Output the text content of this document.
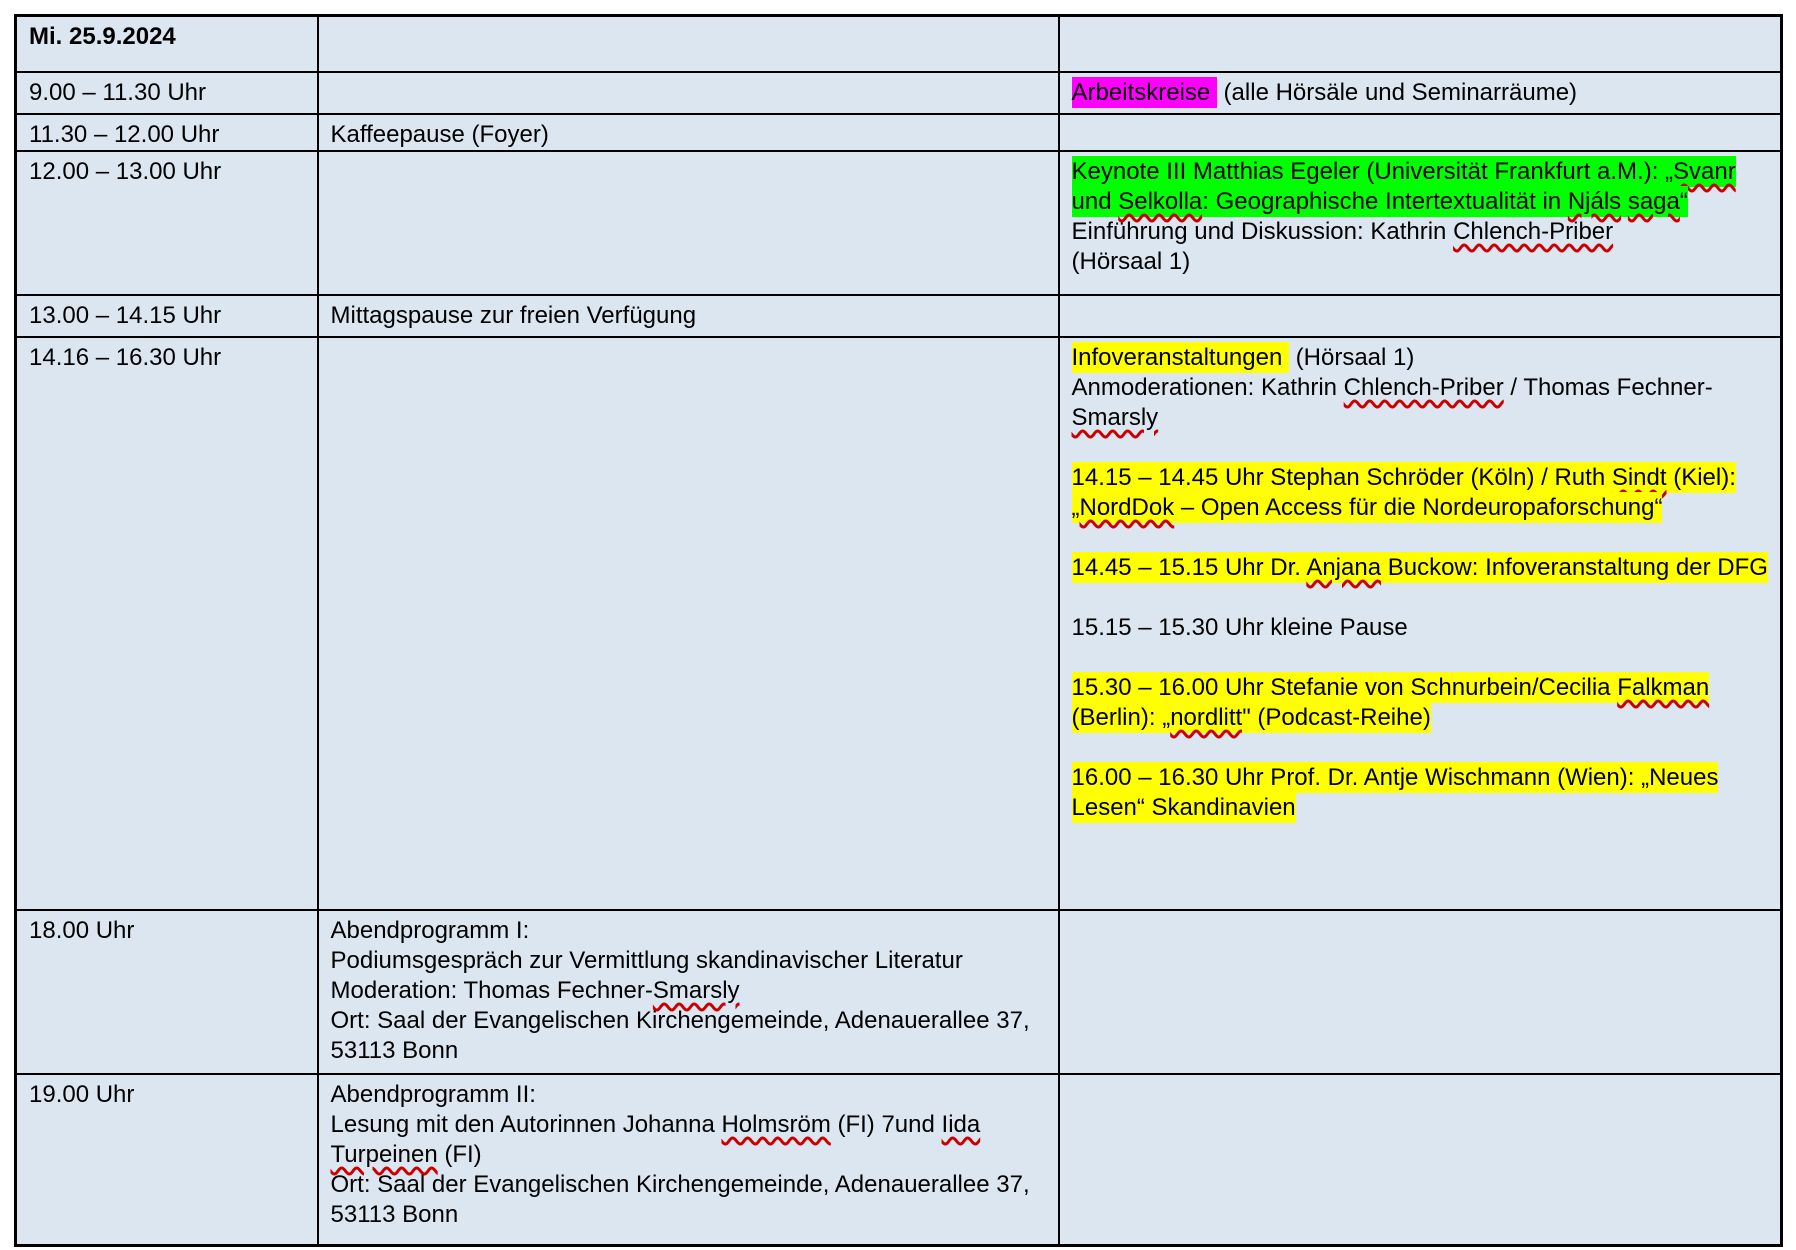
Mi. 25.9.2024		

9.00 – 11.30 Uhr		Arbeitskreise  (alle Hörsäle und Seminarräume)

11.30 – 12.00 Uhr	Kaffeepause (Foyer)	

12.00 – 13.00 Uhr		Keynote III Matthias Egeler (Universität Frankfurt a.M.): „Svanr und Selkolla: Geographische Intertextualität in Njáls saga“
Einführung und Diskussion: Kathrin Chlench-Priber
(Hörsaal 1)

13.00 – 14.15 Uhr	Mittagspause zur freien Verfügung	

14.16 – 16.30 Uhr		Infoveranstaltungen  (Hörsaal 1)
Anmoderationen: Kathrin Chlench-Priber / Thomas Fechner-Smarsly

14.15 – 14.45 Uhr Stephan Schröder (Köln) / Ruth Sindt (Kiel): „NordDok – Open Access für die Nordeuropaforschung“

14.45 – 15.15 Uhr Dr. Anjana Buckow: Infoveranstaltung der DFG

15.15 – 15.30 Uhr kleine Pause

15.30 – 16.00 Uhr Stefanie von Schnurbein/Cecilia Falkman (Berlin): „nordlitt" (Podcast-Reihe)

16.00 – 16.30 Uhr Prof. Dr. Antje Wischmann (Wien): „Neues Lesen“ Skandinavien

18.00 Uhr	Abendprogramm I:
Podiumsgespräch zur Vermittlung skandinavischer Literatur
Moderation: Thomas Fechner-Smarsly
Ort: Saal der Evangelischen Kirchengemeinde, Adenauerallee 37, 53113 Bonn	

19.00 Uhr	Abendprogramm II:
Lesung mit den Autorinnen Johanna Holmsröm (FI) 7und Iida Turpeinen (FI)
Ort: Saal der Evangelischen Kirchengemeinde, Adenauerallee 37, 53113 Bonn	
